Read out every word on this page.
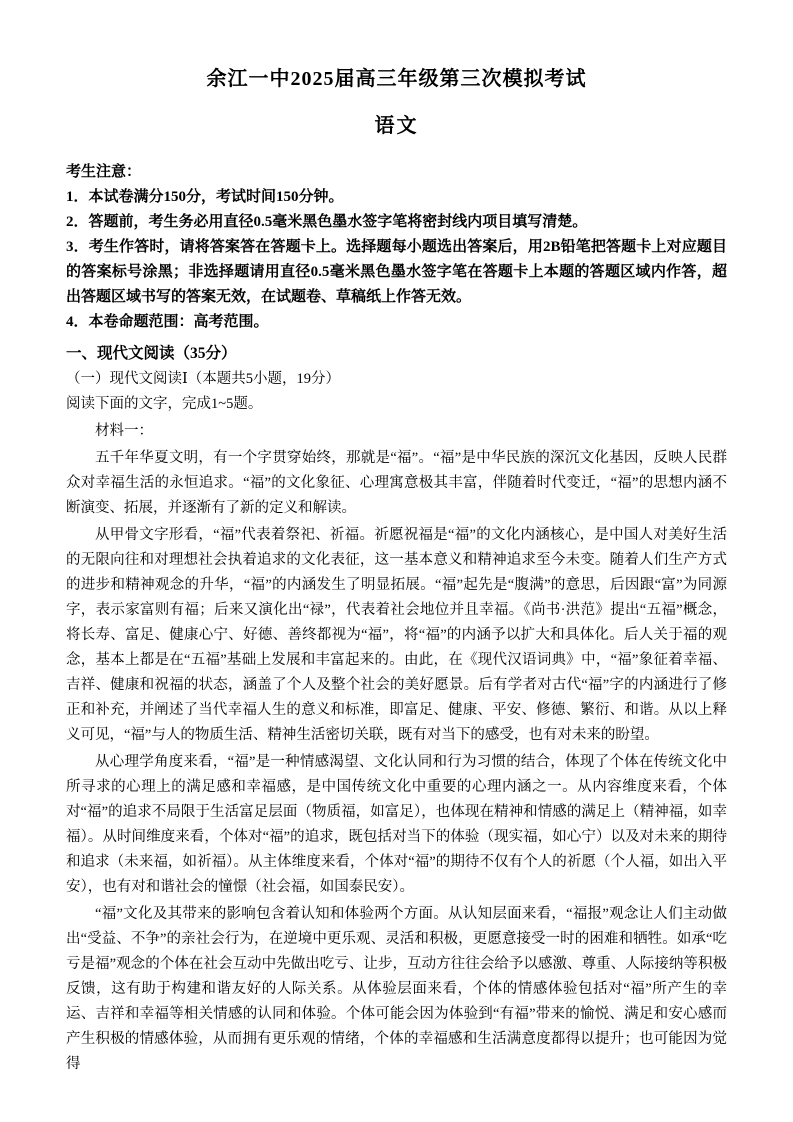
余江一中2025届高三年级第三次模拟考试
语文
考生注意：
1．本试卷满分150分，考试时间150分钟。
2．答题前，考生务必用直径0.5毫米黑色墨水签字笔将密封线内项目填写清楚。
3．考生作答时，请将答案答在答题卡上。选择题每小题选出答案后，用2B铅笔把答题卡上对应题目的答案标号涂黑；非选择题请用直径0.5毫米黑色墨水签字笔在答题卡上本题的答题区域内作答，超出答题区域书写的答案无效，在试题卷、草稿纸上作答无效。
4．本卷命题范围：高考范围。
一、现代文阅读（35分）
（一）现代文阅读Ⅰ（本题共5小题，19分）
阅读下面的文字，完成1~5题。
材料一：
五千年华夏文明，有一个字贯穿始终，那就是“福”。“福”是中华民族的深沉文化基因，反映人民群众对幸福生活的永恒追求。“福”的文化象征、心理寓意极其丰富，伴随着时代变迁，“福”的思想内涵不断演变、拓展，并逐渐有了新的定义和解读。
从甲骨文字形看，“福”代表着祭祀、祈福。祈愿祝福是“福”的文化内涵核心，是中国人对美好生活的无限向往和对理想社会执着追求的文化表征，这一基本意义和精神追求至今未变。随着人们生产方式的进步和精神观念的升华，“福”的内涵发生了明显拓展。“福”起先是“腹满”的意思，后因跟“富”为同源字，表示家富则有福；后来又演化出“禄”，代表着社会地位并且幸福。《尚书·洪范》提出“五福”概念，将长寿、富足、健康心宁、好德、善终都视为“福”，将“福”的内涵予以扩大和具体化。后人关于福的观念，基本上都是在“五福”基础上发展和丰富起来的。由此，在《现代汉语词典》中，“福”象征着幸福、吉祥、健康和祝福的状态，涵盖了个人及整个社会的美好愿景。后有学者对古代“福”字的内涵进行了修正和补充，并阐述了当代幸福人生的意义和标准，即富足、健康、平安、修德、繁衍、和谐。从以上释义可见，“福”与人的物质生活、精神生活密切关联，既有对当下的感受，也有对未来的盼望。
从心理学角度来看，“福”是一种情感渴望、文化认同和行为习惯的结合，体现了个体在传统文化中所寻求的心理上的满足感和幸福感，是中国传统文化中重要的心理内涵之一。从内容维度来看，个体对“福”的追求不局限于生活富足层面（物质福，如富足），也体现在精神和情感的满足上（精神福，如幸福）。从时间维度来看，个体对“福”的追求，既包括对当下的体验（现实福，如心宁）以及对未来的期待和追求（未来福，如祈福）。从主体维度来看，个体对“福”的期待不仅有个人的祈愿（个人福，如出入平安），也有对和谐社会的憧憬（社会福，如国泰民安）。
“福”文化及其带来的影响包含着认知和体验两个方面。从认知层面来看，“福报”观念让人们主动做出“受益、不争”的亲社会行为，在逆境中更乐观、灵活和积极，更愿意接受一时的困难和牺牲。如承“吃亏是福”观念的个体在社会互动中先做出吃亏、让步，互动方往往会给予以感激、尊重、人际接纳等积极反馈，这有助于构建和谐友好的人际关系。从体验层面来看，个体的情感体验包括对“福”所产生的幸运、吉祥和幸福等相关情感的认同和体验。个体可能会因为体验到“有福”带来的愉悦、满足和安心感而产生积极的情感体验，从而拥有更乐观的情绪，个体的幸福感和生活满意度都得以提升；也可能因为觉得
